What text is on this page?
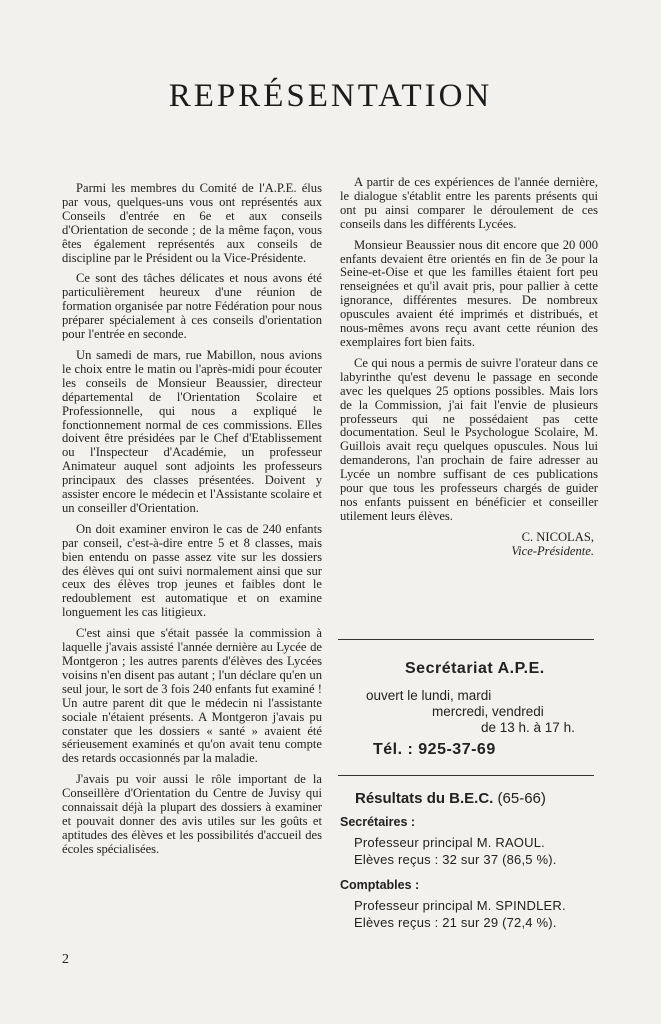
REPRÉSENTATION

Parmi les membres du Comité de l'A.P.E. élus par vous, quelques-uns vous ont représentés aux Conseils d'entrée en 6e et aux conseils d'Orientation de seconde ; de la même façon, vous êtes également représentés aux conseils de discipline par le Président ou la Vice-Présidente.

Ce sont des tâches délicates et nous avons été particulièrement heureux d'une réunion de formation organisée par notre Fédération pour nous préparer spécialement à ces conseils d'orientation pour l'entrée en seconde.

Un samedi de mars, rue Mabillon, nous avions le choix entre le matin ou l'après-midi pour écouter les conseils de Monsieur Beaussier, directeur départemental de l'Orientation Scolaire et Professionnelle, qui nous a expliqué le fonctionnement normal de ces commissions. Elles doivent être présidées par le Chef d'Etablissement ou l'Inspecteur d'Académie, un professeur Animateur auquel sont adjoints les professeurs principaux des classes présentées. Doivent y assister encore le médecin et l'Assistante scolaire et un conseiller d'Orientation.

On doit examiner environ le cas de 240 enfants par conseil, c'est-à-dire entre 5 et 8 classes, mais bien entendu on passe assez vite sur les dossiers des élèves qui ont suivi normalement ainsi que sur ceux des élèves trop jeunes et faibles dont le redoublement est automatique et on examine longuement les cas litigieux.

C'est ainsi que s'était passée la commission à laquelle j'avais assisté l'année dernière au Lycée de Montgeron ; les autres parents d'élèves des Lycées voisins n'en disent pas autant ; l'un déclare qu'en un seul jour, le sort de 3 fois 240 enfants fut examiné ! Un autre parent dit que le médecin ni l'assistante sociale n'étaient présents. A Montgeron j'avais pu constater que les dossiers « santé » avaient été sérieusement examinés et qu'on avait tenu compte des retards occasionnés par la maladie.

J'avais pu voir aussi le rôle important de la Conseillère d'Orientation du Centre de Juvisy qui connaissait déjà la plupart des dossiers à examiner et pouvait donner des avis utiles sur les goûts et aptitudes des élèves et les possibilités d'accueil des écoles spécialisées.

A partir de ces expériences de l'année dernière, le dialogue s'établit entre les parents présents qui ont pu ainsi comparer le déroulement de ces conseils dans les différents Lycées.

Monsieur Beaussier nous dit encore que 20 000 enfants devaient être orientés en fin de 3e pour la Seine-et-Oise et que les familles étaient fort peu renseignées et qu'il avait pris, pour pallier à cette ignorance, différentes mesures. De nombreux opuscules avaient été imprimés et distribués, et nous-mêmes avons reçu avant cette réunion des exemplaires fort bien faits.

Ce qui nous a permis de suivre l'orateur dans ce labyrinthe qu'est devenu le passage en seconde avec les quelques 25 options possibles. Mais lors de la Commission, j'ai fait l'envie de plusieurs professeurs qui ne possédaient pas cette documentation. Seul le Psychologue Scolaire, M. Guillois avait reçu quelques opuscules. Nous lui demanderons, l'an prochain de faire adresser au Lycée un nombre suffisant de ces publications pour que tous les professeurs chargés de guider nos enfants puissent en bénéficier et conseiller utilement leurs élèves.

C. NICOLAS,
Vice-Présidente.
Secrétariat A.P.E.
ouvert le lundi, mardi
mercredi, vendredi
de 13 h. à 17 h.
Tél. : 925-37-69
Résultats du B.E.C. (65-66)
Secrétaires :
Professeur principal M. RAOUL.
Elèves reçus : 32 sur 37 (86,5 %).
Comptables :
Professeur principal M. SPINDLER.
Elèves reçus : 21 sur 29 (72,4 %).
2
